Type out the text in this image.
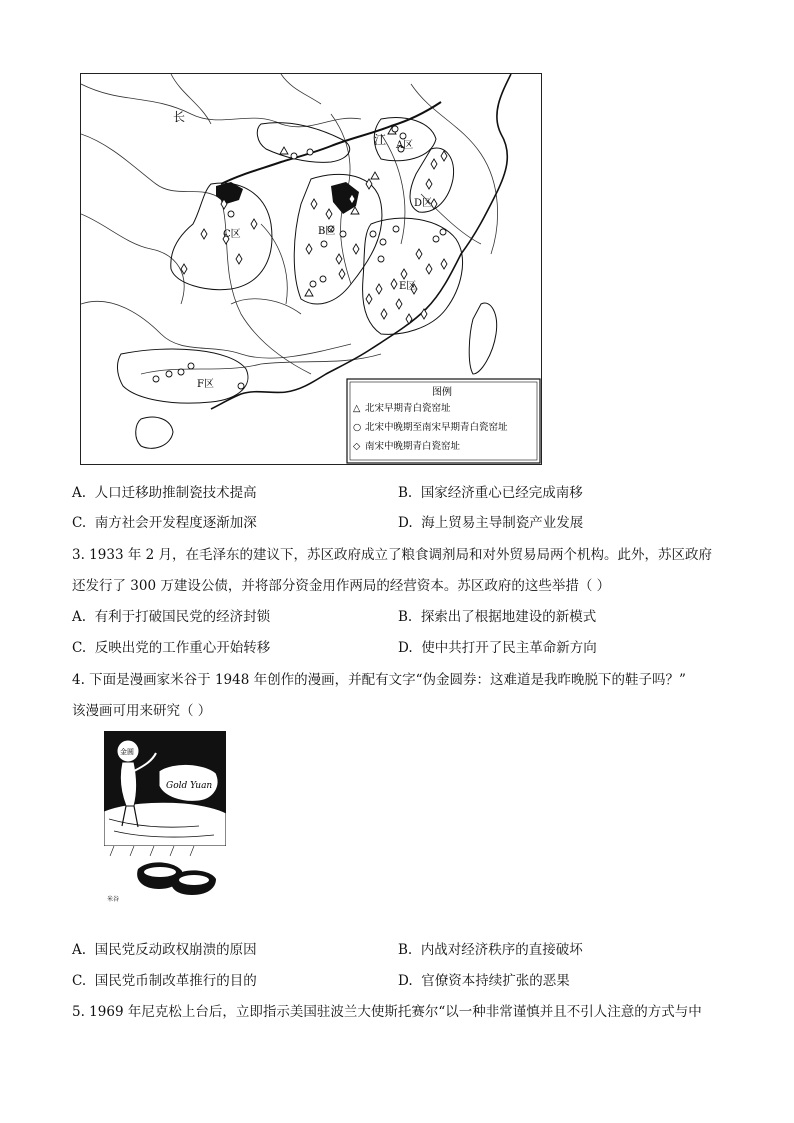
长
江 A区
B区
C区
D区
E区
F区
图例
△ 北宋早期青白瓷窑址
○ 北宋中晚期至南宋早期青白瓷窑址
◇ 南宋中晚期青白瓷窑址
A. 人口迁移助推制瓷技术提高	B. 国家经济重心已经完成南移
C. 南方社会开发程度逐渐加深	D. 海上贸易主导制瓷产业发展
3. 1933 年 2 月，在毛泽东的建议下，苏区政府成立了粮食调剂局和对外贸易局两个机构。此外，苏区政府
还发行了 300 万建设公债，并将部分资金用作两局的经营资本。苏区政府的这些举措（ ）
A. 有利于打破国民党的经济封锁	B. 探索出了根据地建设的新模式
C. 反映出党的工作重心开始转移	D. 使中共打开了民主革命新方向
4. 下面是漫画家米谷于 1948 年创作的漫画，并配有文字“伪金圆券：这难道是我昨晚脱下的鞋子吗？”
该漫画可用来研究（ ）
Gold Yuan
金圆
米谷
A. 国民党反动政权崩溃的原因	B. 内战对经济秩序的直接破坏
C. 国民党币制改革推行的目的	D. 官僚资本持续扩张的恶果
5. 1969 年尼克松上台后，立即指示美国驻波兰大使斯托赛尔“以一种非常谨慎并且不引人注意的方式与中
